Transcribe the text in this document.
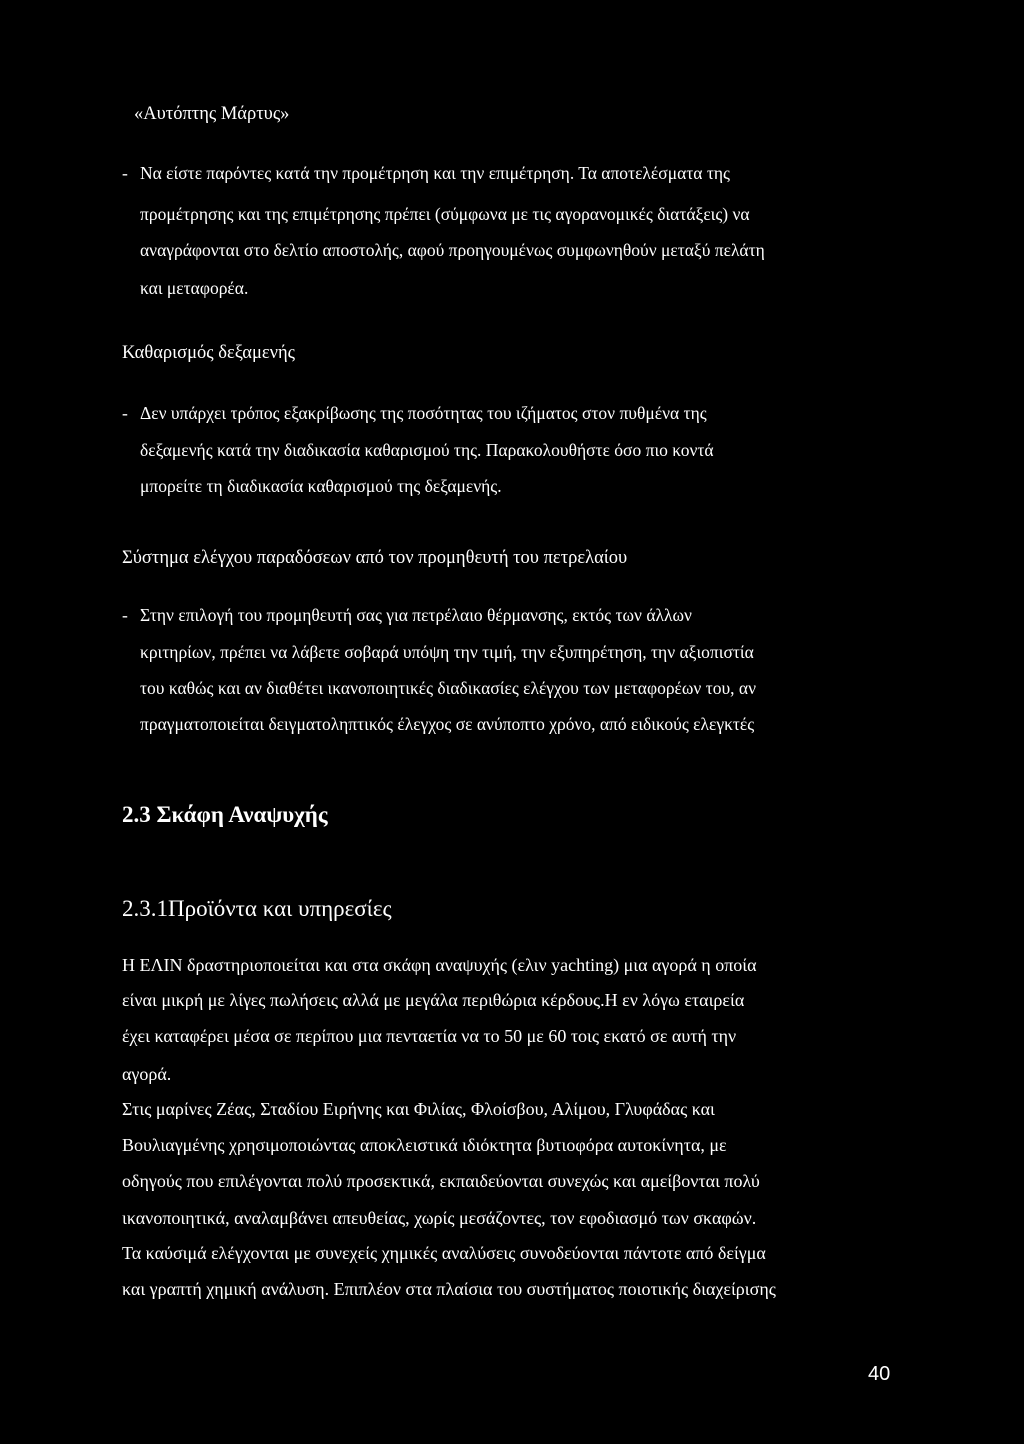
«Αυτόπτης Μάρτυς»
- Να είστε παρόντες κατά την προμέτρηση και την επιμέτρηση. Τα αποτελέσματα της
προμέτρησης και της επιμέτρησης πρέπει (σύμφωνα με τις αγορανομικές διατάξεις) να
αναγράφονται στο δελτίο αποστολής, αφού προηγουμένως συμφωνηθούν μεταξύ πελάτη
και μεταφορέα.
Καθαρισμός δεξαμενής
- Δεν υπάρχει τρόπος εξακρίβωσης της ποσότητας του ιζήματος στον πυθμένα της
δεξαμενής κατά την διαδικασία καθαρισμού της. Παρακολουθήστε όσο πιο κοντά
μπορείτε τη διαδικασία καθαρισμού της δεξαμενής.
Σύστημα ελέγχου παραδόσεων από τον προμηθευτή του πετρελαίου
- Στην επιλογή του προμηθευτή σας για πετρέλαιο θέρμανσης, εκτός των άλλων
κριτηρίων, πρέπει να λάβετε σοβαρά υπόψη την τιμή, την εξυπηρέτηση, την αξιοπιστία
του καθώς και αν διαθέτει ικανοποιητικές διαδικασίες ελέγχου των μεταφορέων του, αν
πραγματοποιείται δειγματοληπτικός έλεγχος σε ανύποπτο χρόνο, από ειδικούς ελεγκτές
2.3 Σκάφη Αναψυχής
2.3.1Προϊόντα και υπηρεσίες
Η ΕΛΙΝ δραστηριοποιείται και στα σκάφη αναψυχής (ελιν yachting) μια αγορά η οποία
είναι μικρή με λίγες πωλήσεις αλλά με μεγάλα περιθώρια κέρδους.Η εν λόγω εταιρεία
έχει καταφέρει μέσα σε περίπου μια πενταετία να το 50 με 60 τοις εκατό σε αυτή την
αγορά.
Στις μαρίνες Ζέας, Σταδίου Ειρήνης και Φιλίας, Φλοίσβου, Αλίμου, Γλυφάδας και
Βουλιαγμένης χρησιμοποιώντας αποκλειστικά ιδιόκτητα βυτιοφόρα αυτοκίνητα, με
οδηγούς που επιλέγονται πολύ προσεκτικά, εκπαιδεύονται συνεχώς και αμείβονται πολύ
ικανοποιητικά, αναλαμβάνει απευθείας, χωρίς μεσάζοντες, τον εφοδιασμό των σκαφών.
Τα καύσιμά ελέγχονται με συνεχείς χημικές αναλύσεις συνοδεύονται πάντοτε από δείγμα
και γραπτή χημική ανάλυση. Επιπλέον στα πλαίσια του συστήματος ποιοτικής διαχείρισης
40
